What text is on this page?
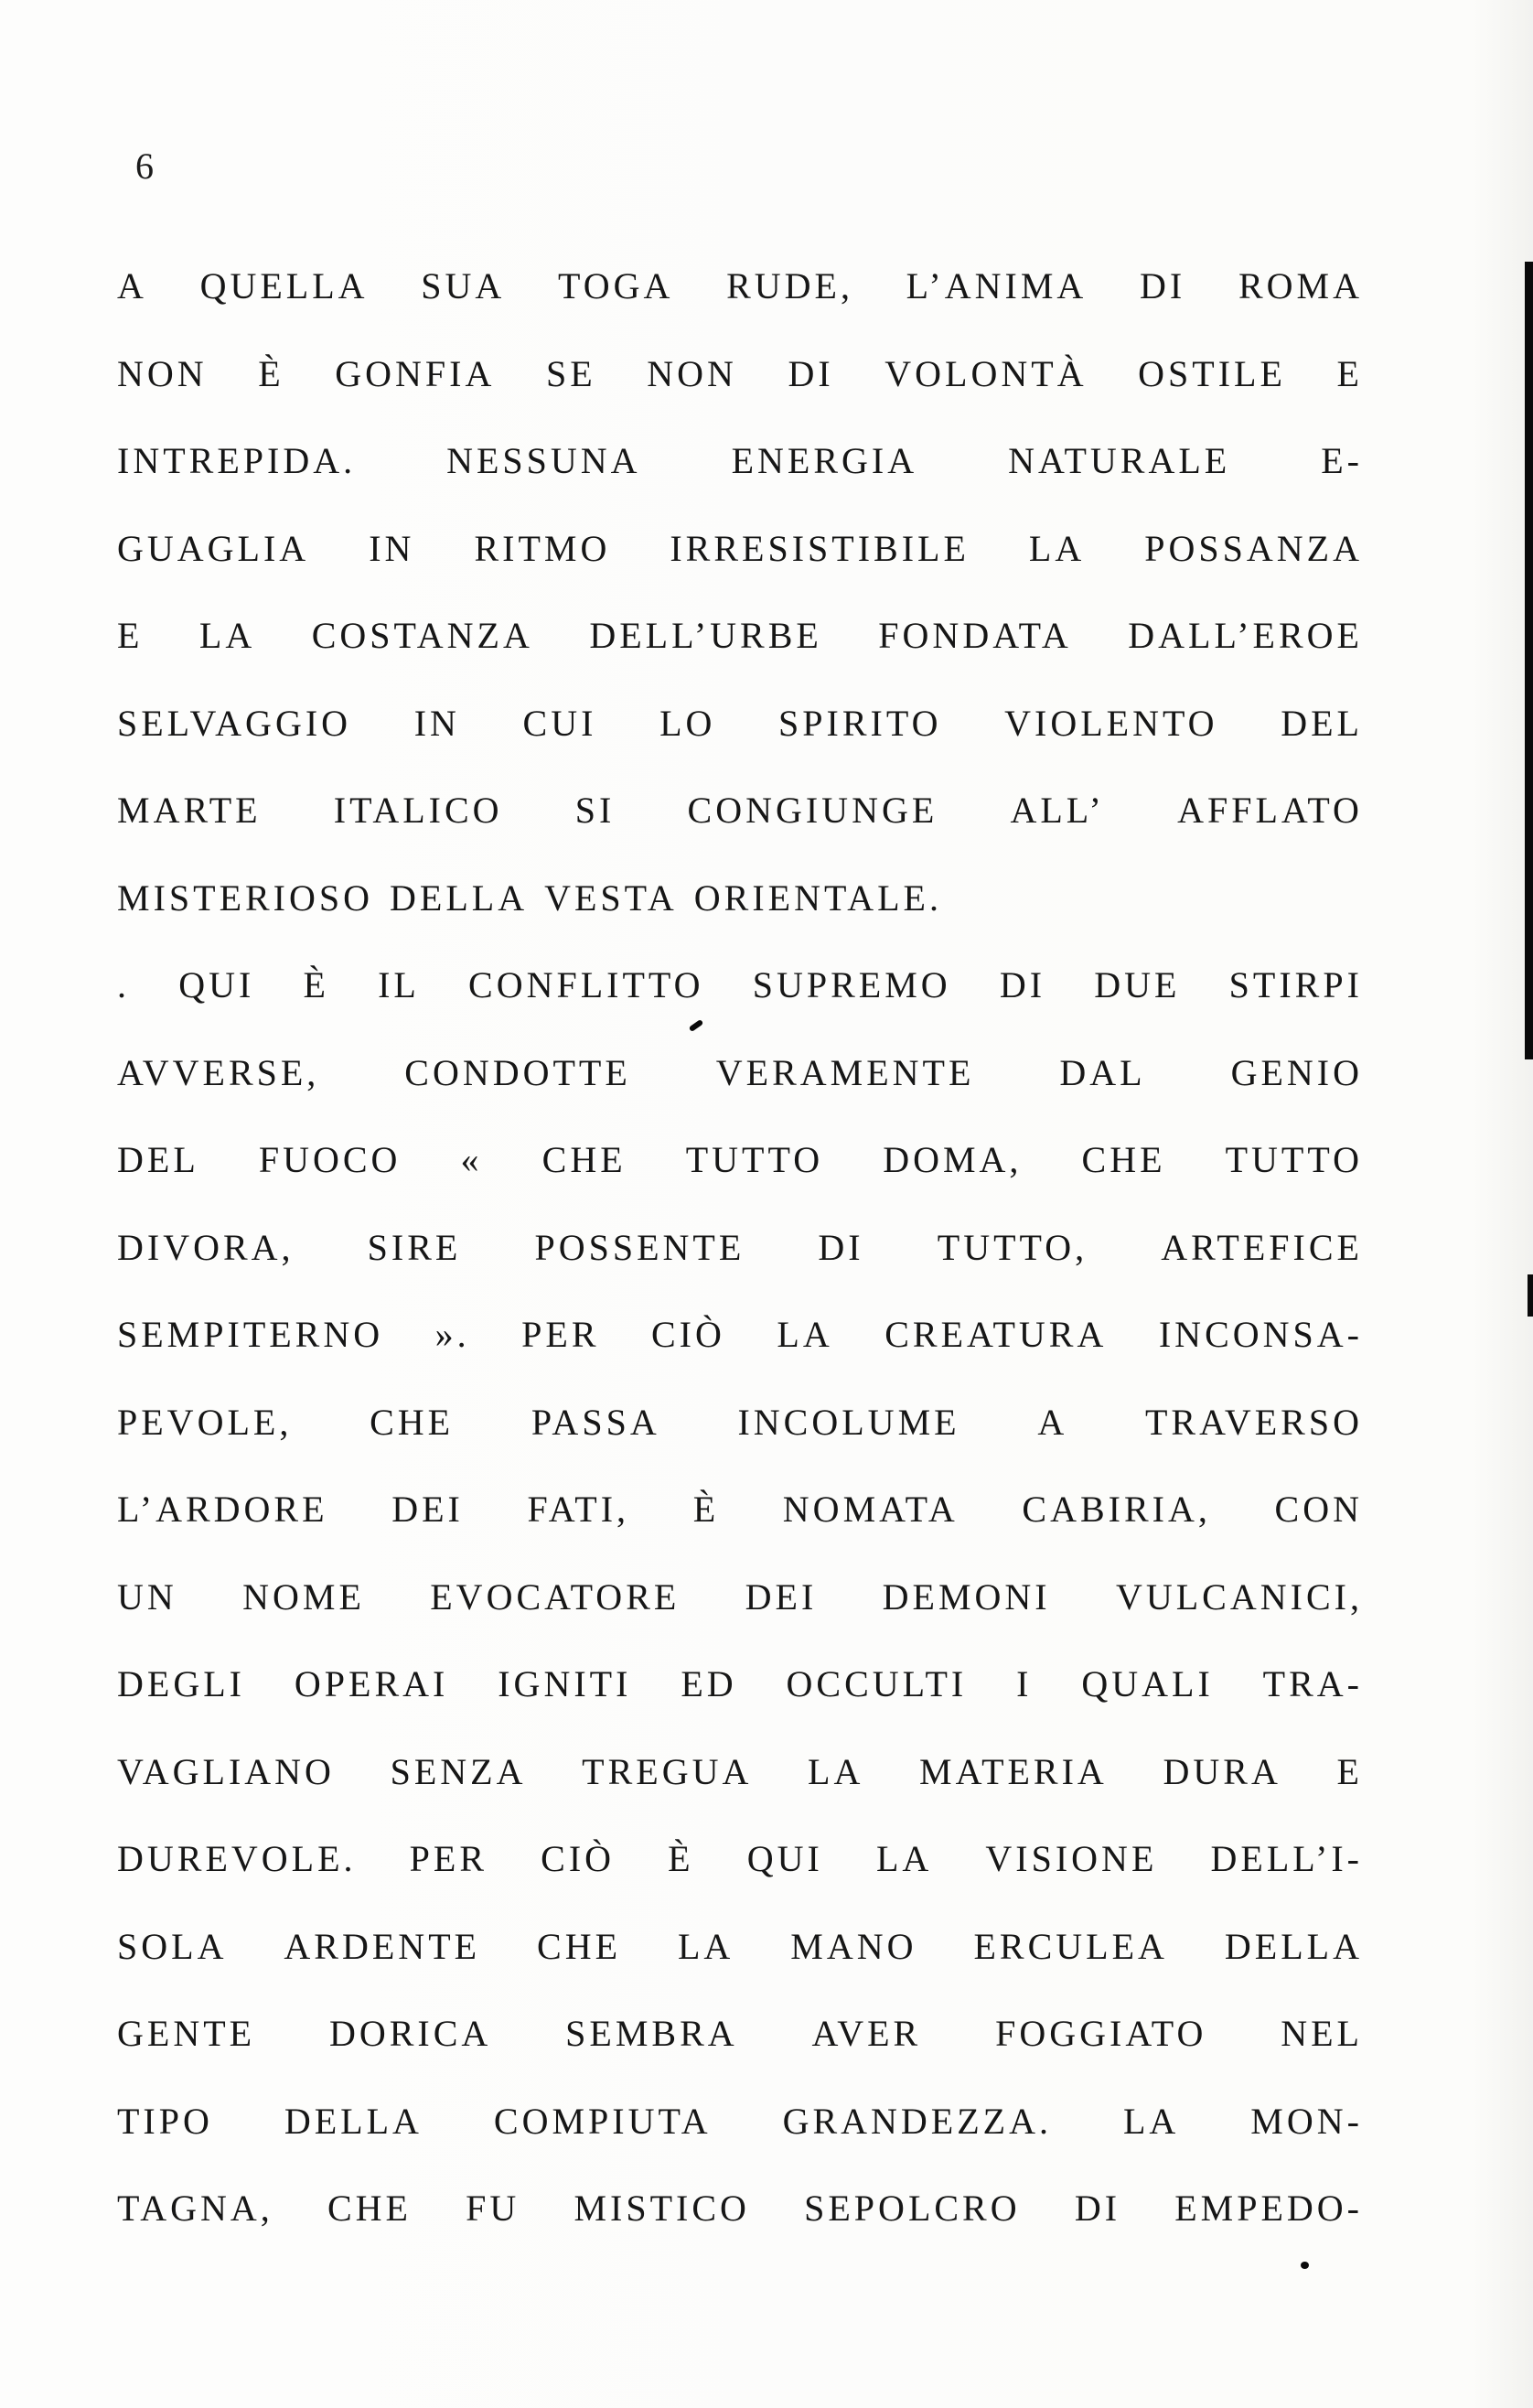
6
A QUELLA SUA TOGA RUDE, L’ANIMA DI ROMA
NON È GONFIA SE NON DI VOLONTÀ OSTILE E
INTREPIDA. NESSUNA ENERGIA NATURALE E-
GUAGLIA IN RITMO IRRESISTIBILE LA POSSANZA
E LA COSTANZA DELL’URBE FONDATA DALL’EROE
SELVAGGIO IN CUI LO SPIRITO VIOLENTO DEL
MARTE ITALICO SI CONGIUNGE ALL’ AFFLATO
MISTERIOSO DELLA VESTA ORIENTALE.
. QUI È IL CONFLITTO SUPREMO DI DUE STIRPI
AVVERSE, CONDOTTE VERAMENTE DAL GENIO
DEL FUOCO « CHE TUTTO DOMA, CHE TUTTO
DIVORA, SIRE POSSENTE DI TUTTO, ARTEFICE
SEMPITERNO ». PER CIÒ LA CREATURA INCONSA-
PEVOLE, CHE PASSA INCOLUME A TRAVERSO
L’ARDORE DEI FATI, È NOMATA CABIRIA, CON
UN NOME EVOCATORE DEI DEMONI VULCANICI,
DEGLI OPERAI IGNITI ED OCCULTI I QUALI TRA-
VAGLIANO SENZA TREGUA LA MATERIA DURA E
DUREVOLE. PER CIÒ È QUI LA VISIONE DELL’I-
SOLA ARDENTE CHE LA MANO ERCULEA DELLA
GENTE DORICA SEMBRA AVER FOGGIATO NEL
TIPO DELLA COMPIUTA GRANDEZZA. LA MON-
TAGNA, CHE FU MISTICO SEPOLCRO DI EMPEDO-
